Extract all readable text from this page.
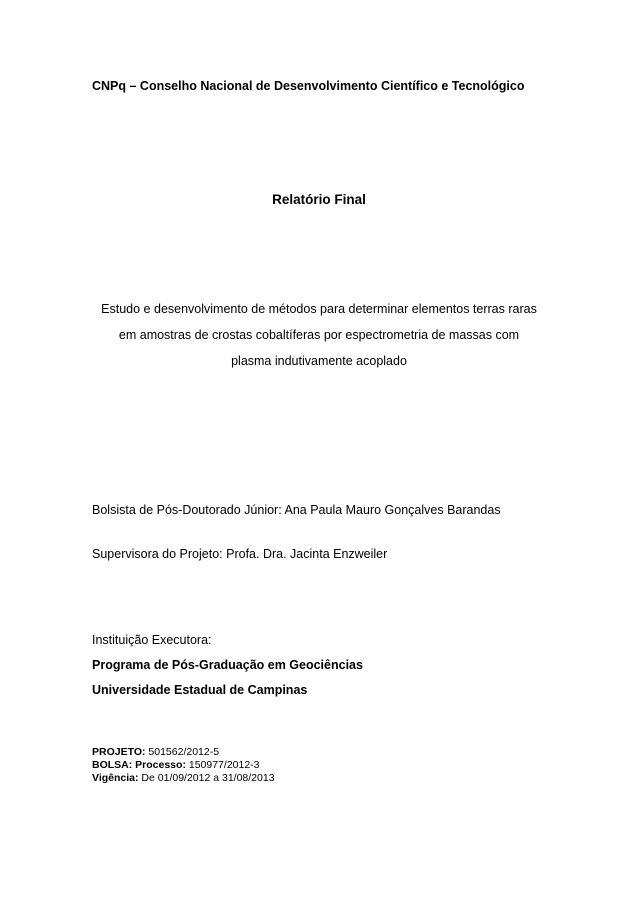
CNPq – Conselho Nacional de Desenvolvimento Científico e Tecnológico
Relatório Final
Estudo e desenvolvimento de métodos para determinar elementos terras raras
em amostras de crostas cobaltíferas por espectrometria de massas com
plasma indutivamente acoplado
Bolsista de Pós-Doutorado Júnior: Ana Paula Mauro Gonçalves Barandas
Supervisora do Projeto: Profa. Dra. Jacinta Enzweiler
Instituição Executora:
Programa de Pós-Graduação em Geociências
Universidade Estadual de Campinas
PROJETO: 501562/2012-5
BOLSA: Processo: 150977/2012-3
Vigência: De 01/09/2012 a 31/08/2013
